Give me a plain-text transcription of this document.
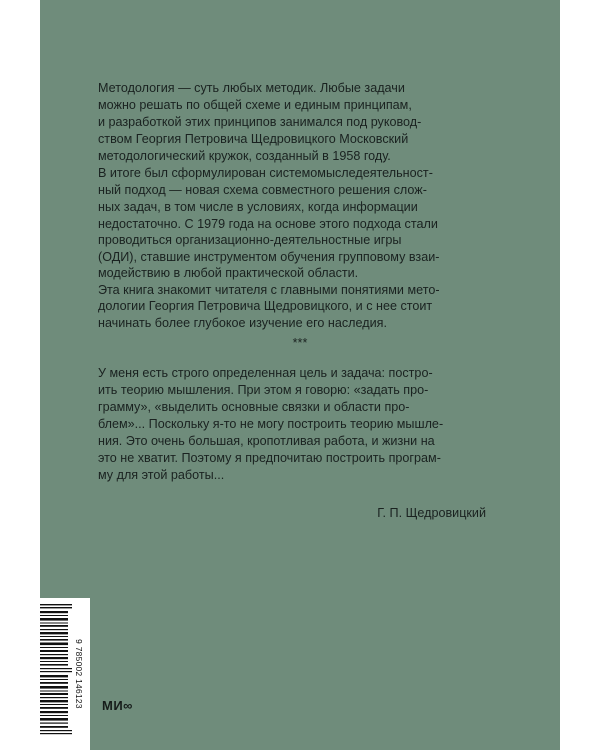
Методология — суть любых методик. Любые задачи
можно решать по общей схеме и единым принципам,
и разработкой этих принципов занимался под руковод-
ством Георгия Петровича Щедровицкого Московский
методологический кружок, созданный в 1958 году.
В итоге был сформулирован системомыследеятельност-
ный подход — новая схема совместного решения слож-
ных задач, в том числе в условиях, когда информации
недостаточно. С 1979 года на основе этого подхода стали
проводиться организационно-деятельностные игры
(ОДИ), ставшие инструментом обучения групповому взаи-
модействию в любой практической области.
Эта книга знакомит читателя с главными понятиями мето-
дологии Георгия Петровича Щедровицкого, и с нее стоит
начинать более глубокое изучение его наследия.
***
У меня есть строго определенная цель и задача: постро-
ить теорию мышления. При этом я говорю: «задать про-
грамму», «выделить основные связки и области про-
блем»... Поскольку я-то не могу построить теорию мышле-
ния. Это очень большая, кропотливая работа, и жизни на
это не хватит. Поэтому я предпочитаю построить програм-
му для этой работы...
Г. П. Щедровицкий
9 785002 146123 МИ∞
